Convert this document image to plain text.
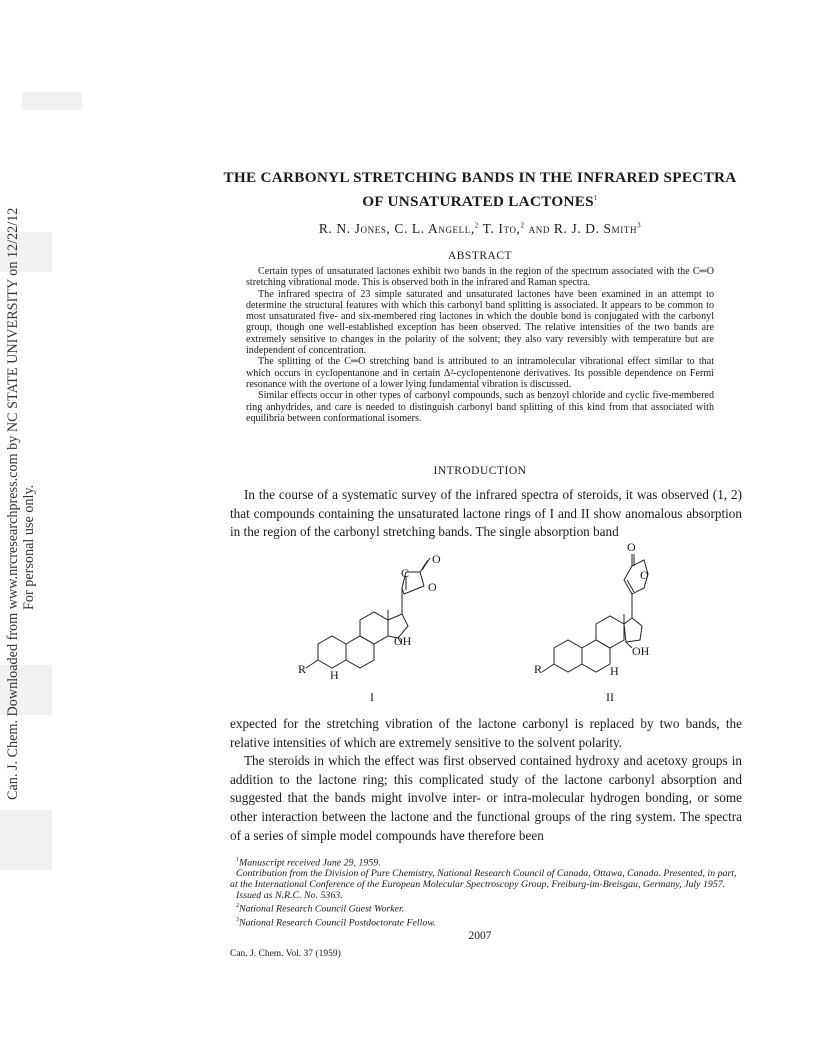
Can. J. Chem. Downloaded from www.nrcresearchpress.com by NC STATE UNIVERSITY on 12/22/12 For personal use only.
THE CARBONYL STRETCHING BANDS IN THE INFRARED SPECTRA
OF UNSATURATED LACTONES$^1$
R. N. Jones, C. L. Angell,$^2$ T. Ito,$^2$ and R. J. D. Smith$^3$
ABSTRACT

Certain types of unsaturated lactones exhibit two bands in the region of the spectrum associated with the C═O stretching vibrational mode. This is observed both in the infrared and Raman spectra.

The infrared spectra of 23 simple saturated and unsaturated lactones have been examined in an attempt to determine the structural features with which this carbonyl band splitting is associated. It appears to be common to most unsaturated five- and six-membered ring lactones in which the double bond is conjugated with the carbonyl group, though one well-established exception has been observed. The relative intensities of the two bands are extremely sensitive to changes in the polarity of the solvent; they also vary reversibly with temperature but are independent of concentration.

The splitting of the C═O stretching band is attributed to an intramolecular vibrational effect similar to that which occurs in cyclopentanone and in certain Δ²-cyclopentenone derivatives. Its possible dependence on Fermi resonance with the overtone of a lower lying fundamental vibration is discussed.

Similar effects occur in other types of carbonyl compounds, such as benzoyl chloride and cyclic five-membered ring anhydrides, and care is needed to distinguish carbonyl band splitting of this kind from that associated with equilibria between conformational isomers.

INTRODUCTION

In the course of a systematic survey of the infrared spectra of steroids, it was observed (1, 2) that compounds containing the unsaturated lactone rings of I and II show anomalous absorption in the region of the carbonyl stretching bands. The single absorption band

C
O
O
OH
R H
I
O
O
OH
R	H
II

expected for the stretching vibration of the lactone carbonyl is replaced by two bands, the relative intensities of which are extremely sensitive to the solvent polarity.

The steroids in which the effect was first observed contained hydroxy and acetoxy groups in addition to the lactone ring; this complicated study of the lactone carbonyl absorption and suggested that the bands might involve inter- or intra-molecular hydrogen bonding, or some other interaction between the lactone and the functional groups of the ring system. The spectra of a series of simple model compounds have therefore been

$^1$Manuscript received June 29, 1959.
Contribution from the Division of Pure Chemistry, National Research Council of Canada, Ottawa, Canada. Presented, in part, at the International Conference of the European Molecular Spectroscopy Group, Freiburg-im-Breisgau, Germany, July 1957.
Issued as N.R.C. No. 5363.
$^2$National Research Council Guest Worker.
$^3$National Research Council Postdoctorate Fellow.
2007
Can. J. Chem. Vol. 37 (1959)
